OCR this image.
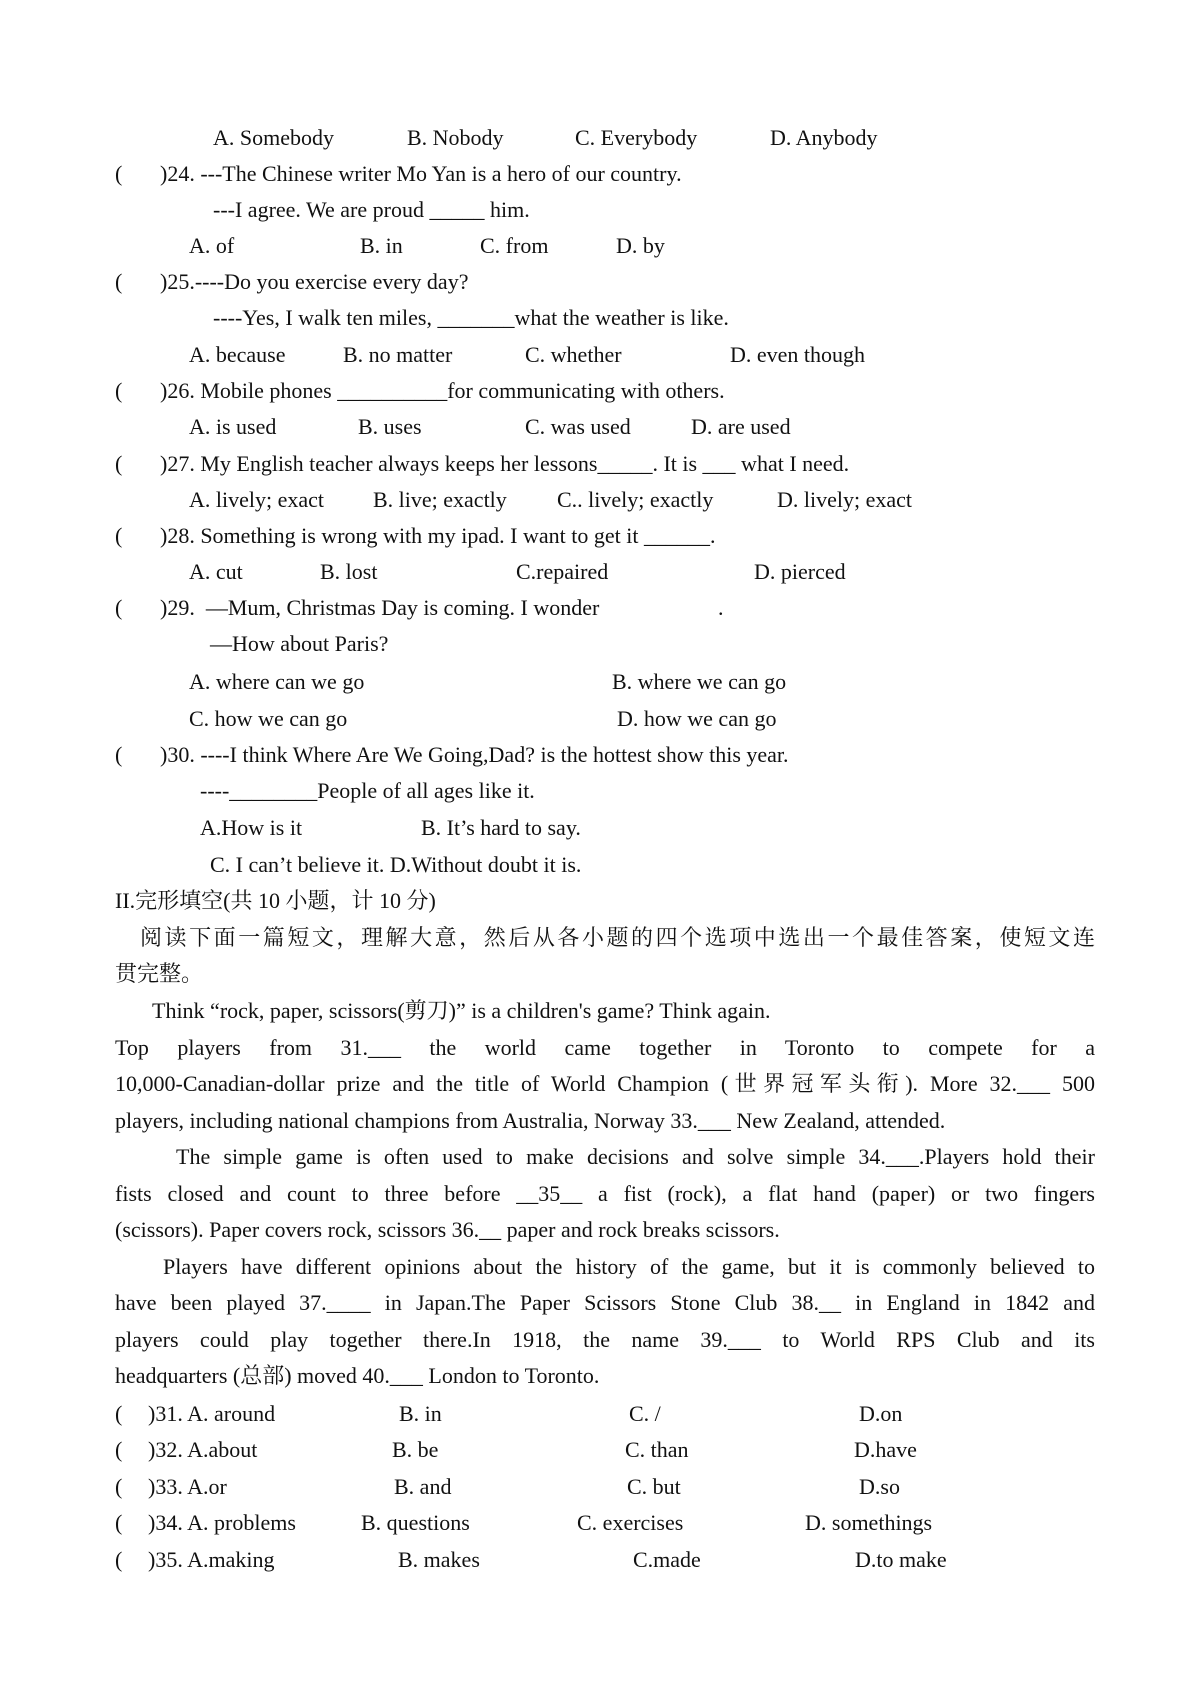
A. Somebody	B. Nobody	C. Everybody	D. Anybody
( )24. ---The Chinese writer Mo Yan is a hero of our country.
---I agree. We are proud _____ him.
A. of	B. in	C. from	D. by
( )25.----Do you exercise every day?
----Yes, I walk ten miles, _______what the weather is like.
A. because	B. no matter	C. whether	D. even though
( )26. Mobile phones __________for communicating with others.
A. is used	B. uses	C. was used	D. are used
( )27. My English teacher always keeps her lessons_____. It is ___ what I need.
A. lively; exact B. live; exactly C.. lively; exactly	D. lively; exact
( )28. Something is wrong with my ipad. I want to get it ______.
A. cut	B. lost	C.repaired	D. pierced
( )29.  —Mum, Christmas Day is coming. I wonder	.
—How about Paris?
A. where can we go	B. where we can go
C. how we can go	D. how we can go
( )30. ----I think Where Are We Going,Dad? is the hottest show this year.
----________People of all ages like it.
A.How is it	B. It’s hard to say.
C. I can’t believe it. D.Without doubt it is.
II.完形填空(共 10 小题，计 10 分)
阅读下面一篇短文，理解大意，然后从各小题的四个选项中选出一个最佳答案，使短文连
贯完整。
Think “rock, paper, scissors(剪刀)” is a children's game? Think again.
Top players from 31.___ the world came together in Toronto to compete for a
10,000‑Canadian‑dollar prize and the title of World Champion (世界冠军头衔). More 32.___ 500
players, including national champions from Australia, Norway 33.___ New Zealand, attended.
The simple game is often used to make decisions and solve simple 34.___.Players hold their
fists closed and count to three before __35__ a fist (rock), a flat hand (paper) or two fingers
(scissors). Paper covers rock, scissors 36.__ paper and rock breaks scissors.
Players have different opinions about the history of the game, but it is commonly believed to
have been played 37.____ in Japan.The Paper Scissors Stone Club 38.__ in England in 1842 and
players could play together there.In 1918, the name 39.___ to World RPS Club and its
headquarters (总部) moved 40.___ London to Toronto.
( )31. A. around	B. in	C. /	D.on
( )32. A.about	B. be	C. than	D.have
( )33. A.or	B. and	C. but	D.so
( )34. A. problems	B. questions	C. exercises	D. somethings
( )35. A.making	B. makes	C.made	D.to make
